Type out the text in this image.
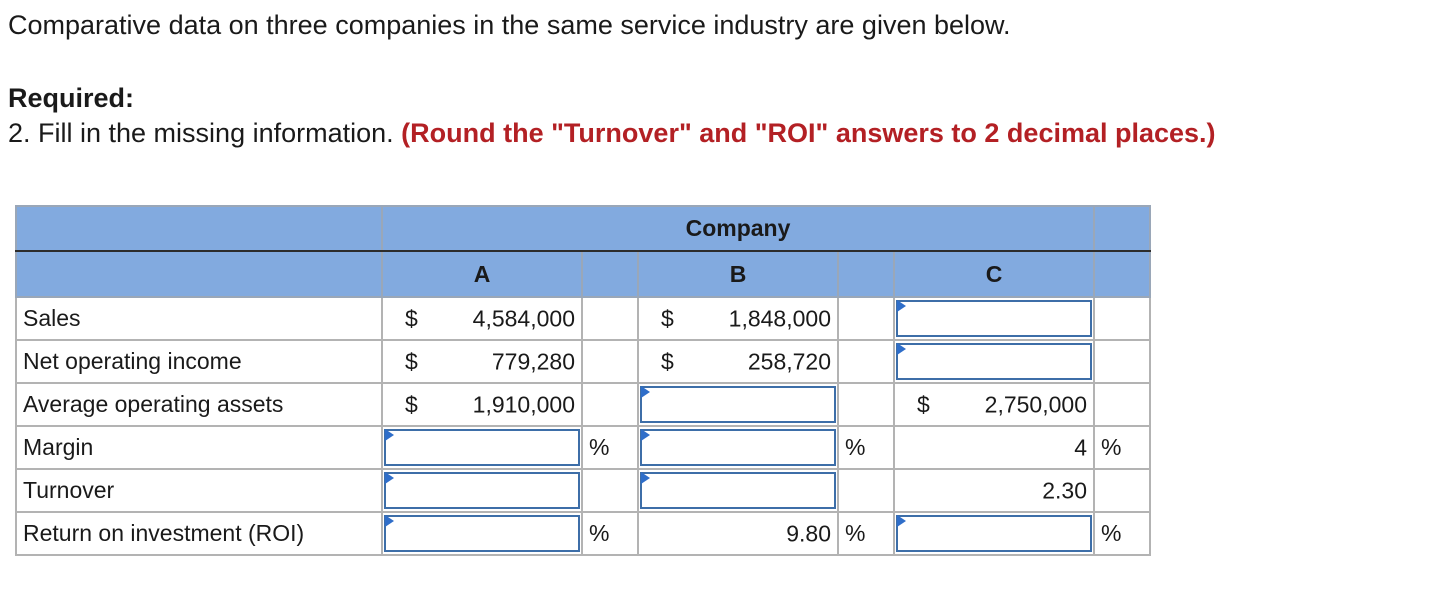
Comparative data on three companies in the same service industry are given below.

Required:

2. Fill in the missing information. (Round the "Turnover" and "ROI" answers to 2 decimal places.)

	Company					

	A		B		C	
Sales	$ 4,584,000		$ 1,848,000

Net operating income	$ 779,280		$ 258,720

Average operating assets	$ 1,910,000				$ 2,750,000	

Margin		%		%	4	%
Turnover					2.30	

Return on investment (ROI)		%	9.80	%		%
